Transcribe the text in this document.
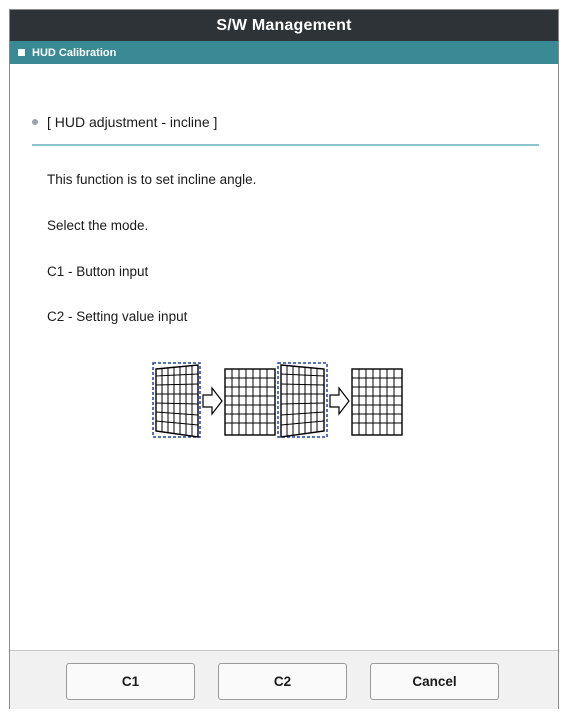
S/W Management
HUD Calibration
[ HUD adjustment - incline ]
This function is to set incline angle.
Select the mode.
C1 - Button input
C2 - Setting value input
C1	C2	Cancel
